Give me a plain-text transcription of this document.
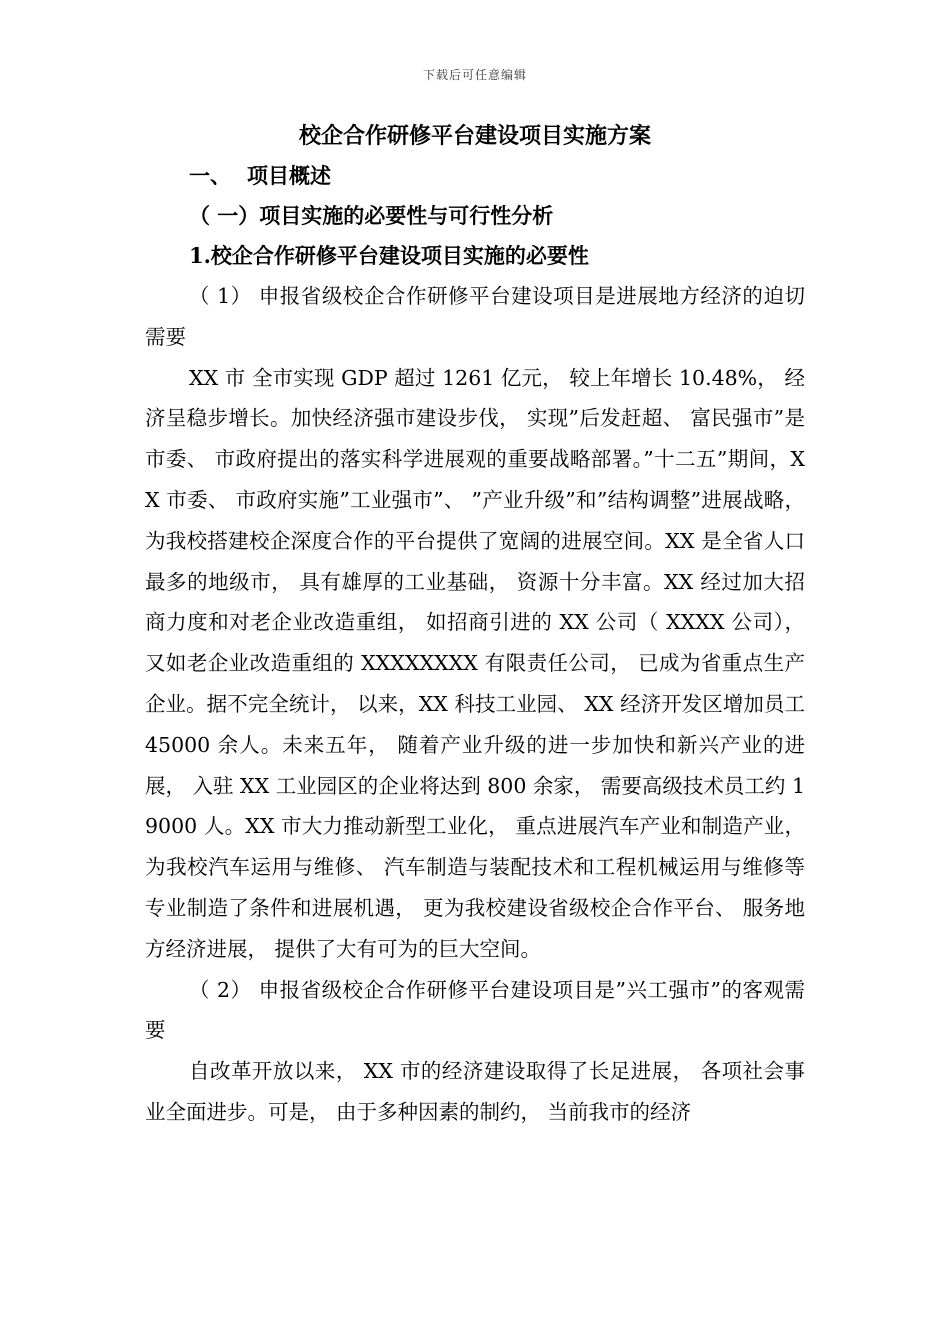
下载后可任意编辑

校企合作研修平台建设项目实施方案

一、 项目概述

（ 一）项目实施的必要性与可行性分析

1.校企合作研修平台建设项目实施的必要性

（ 1） 申报省级校企合作研修平台建设项目是进展地方经济的迫切需要

XX 市 全市实现 GDP 超过 1261 亿元， 较上年增长 10.48%， 经济呈稳步增长。加快经济强市建设步伐， 实现”后发赶超、 富民强市”是市委、 市政府提出的落实科学进展观的重要战略部署。”十二五”期间，XX 市委、 市政府实施”工业强市”、 ”产业升级”和”结构调整”进展战略， 为我校搭建校企深度合作的平台提供了宽阔的进展空间。XX 是全省人口最多的地级市， 具有雄厚的工业基础， 资源十分丰富。XX 经过加大招商力度和对老企业改造重组， 如招商引进的 XX 公司（ XXXX 公司）， 又如老企业改造重组的 XXXXXXXX 有限责任公司， 已成为省重点生产企业。据不完全统计， 以来，XX 科技工业园、 XX 经济开发区增加员工 45000 余人。未来五年， 随着产业升级的进一步加快和新兴产业的进展， 入驻 XX 工业园区的企业将达到 800 余家， 需要高级技术员工约 19000 人。XX 市大力推动新型工业化， 重点进展汽车产业和制造产业， 为我校汽车运用与维修、 汽车制造与装配技术和工程机械运用与维修等专业制造了条件和进展机遇， 更为我校建设省级校企合作平台、 服务地方经济进展， 提供了大有可为的巨大空间。

（ 2） 申报省级校企合作研修平台建设项目是”兴工强市”的客观需要

自改革开放以来， XX 市的经济建设取得了长足进展， 各项社会事业全面进步。可是， 由于多种因素的制约， 当前我市的经济
